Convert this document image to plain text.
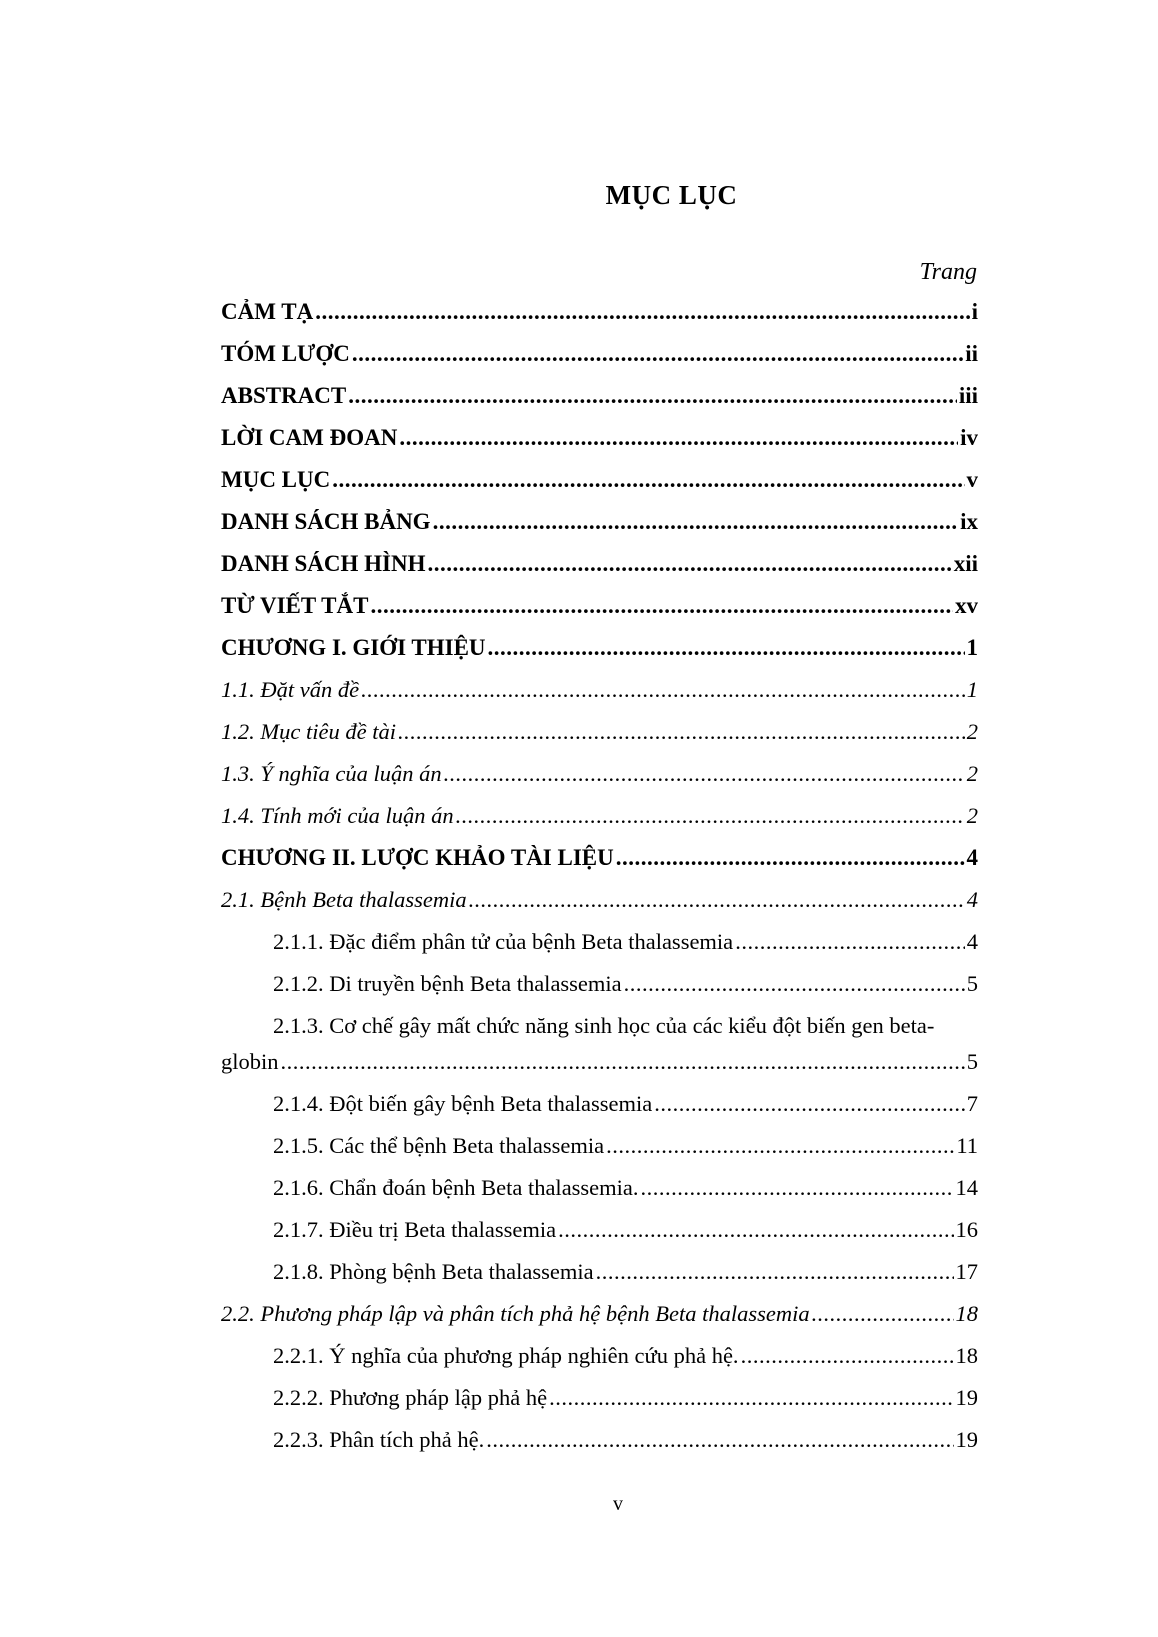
MỤC LỤC
Trang
CẢM TẠ .....	i
TÓM LƯỢC .....	ii
ABSTRACT .....	iii
LỜI CAM ĐOAN .....	iv
MỤC LỤC .....	v
DANH SÁCH BẢNG .....	ix
DANH SÁCH HÌNH .....	xii
TỪ VIẾT TẮT .....	xv
CHƯƠNG I. GIỚI THIỆU .....	1
1.1. Đặt vấn đề .....	1
1.2. Mục tiêu đề tài .....	2
1.3. Ý nghĩa của luận án .....	2
1.4. Tính mới của luận án .....	2
CHƯƠNG II. LƯỢC KHẢO TÀI LIỆU .....	4
2.1. Bệnh Beta thalassemia .....	4
2.1.1. Đặc điểm phân tử của bệnh Beta thalassemia .....	4
2.1.2. Di truyền bệnh Beta thalassemia .....	5
2.1.3. Cơ chế gây mất chức năng sinh học của các kiểu đột biến gen beta-
globin .....	5
2.1.4. Đột biến gây bệnh Beta thalassemia .....	7
2.1.5. Các thể bệnh Beta thalassemia .....	11
2.1.6. Chẩn đoán bệnh Beta thalassemia. .....	14
2.1.7. Điều trị Beta thalassemia .....	16
2.1.8. Phòng bệnh Beta thalassemia .....	17
2.2. Phương pháp lập và phân tích phả hệ bệnh Beta thalassemia .....	18
2.2.1. Ý nghĩa của phương pháp nghiên cứu phả hệ. .....	18
2.2.2. Phương pháp lập phả hệ .....	19
2.2.3. Phân tích phả hệ. .....	19
v
